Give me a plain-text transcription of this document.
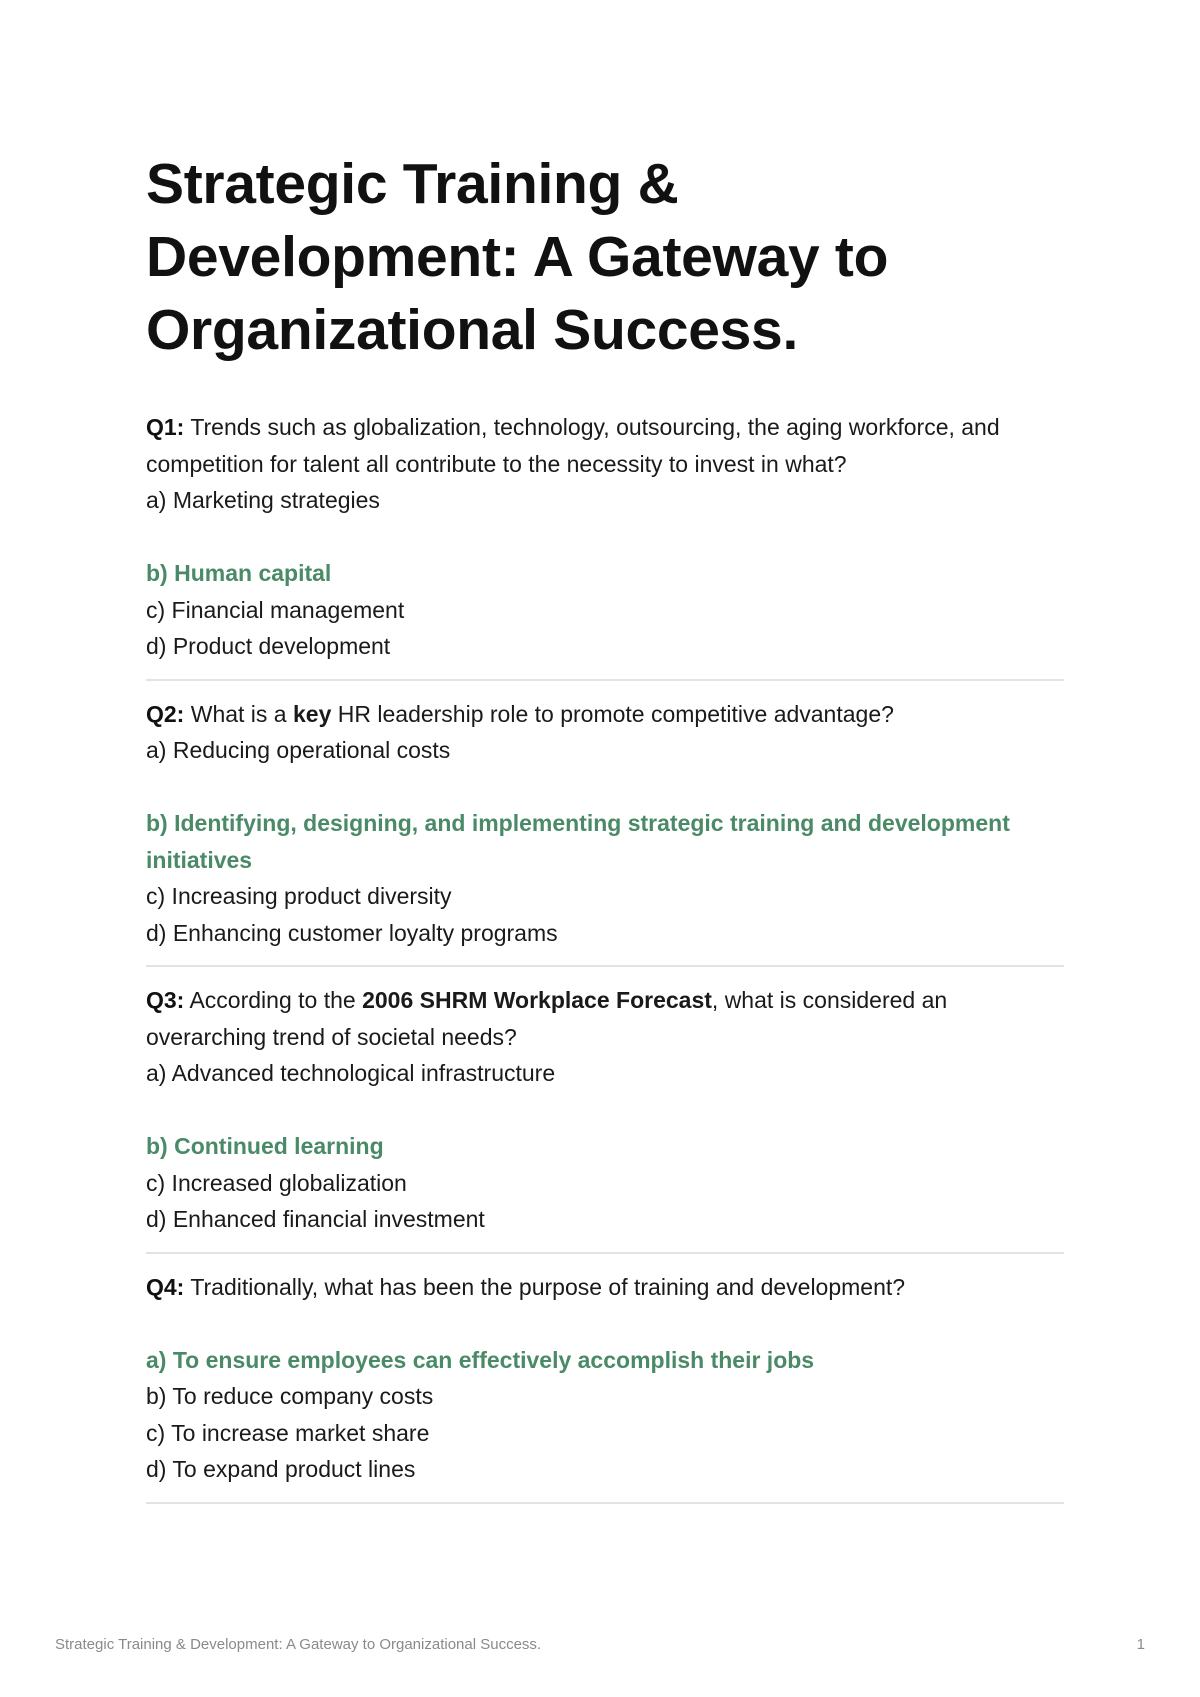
Strategic Training & Development: A Gateway to Organizational Success.

Q1: Trends such as globalization, technology, outsourcing, the aging workforce, and competition for talent all contribute to the necessity to invest in what?

a) Marketing strategies

b) Human capital

c) Financial management

d) Product development

Q2: What is a key HR leadership role to promote competitive advantage?

a) Reducing operational costs

b) Identifying, designing, and implementing strategic training and development initiatives

c) Increasing product diversity

d) Enhancing customer loyalty programs

Q3: According to the 2006 SHRM Workplace Forecast, what is considered an overarching trend of societal needs?

a) Advanced technological infrastructure

b) Continued learning

c) Increased globalization

d) Enhanced financial investment

Q4: Traditionally, what has been the purpose of training and development?

a) To ensure employees can effectively accomplish their jobs

b) To reduce company costs

c) To increase market share

d) To expand product lines

Strategic Training & Development: A Gateway to Organizational Success.	1
